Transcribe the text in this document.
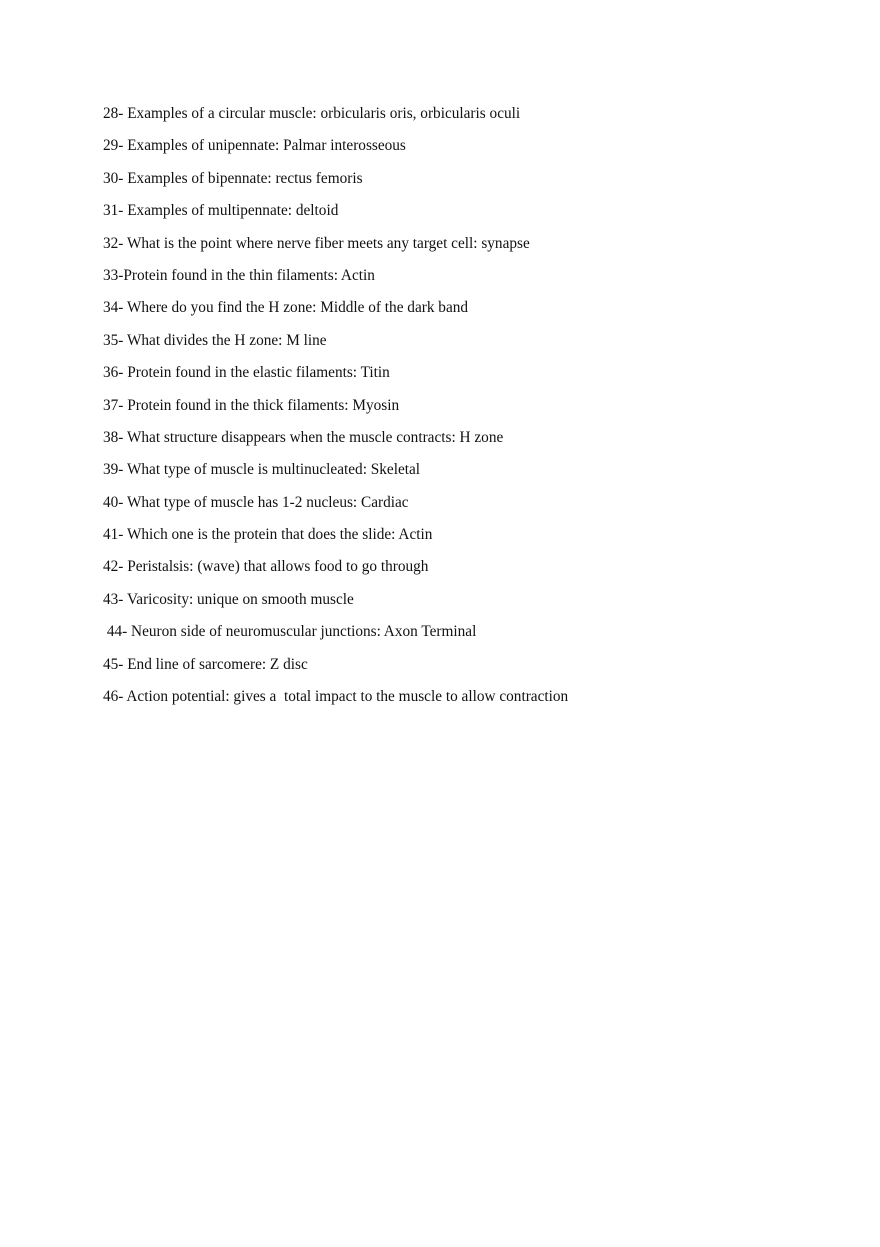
28- Examples of a circular muscle: orbicularis oris, orbicularis oculi
29- Examples of unipennate: Palmar interosseous
30- Examples of bipennate: rectus femoris
31- Examples of multipennate: deltoid
32- What is the point where nerve fiber meets any target cell: synapse
33-Protein found in the thin filaments: Actin
34- Where do you find the H zone: Middle of the dark band
35- What divides the H zone: M line
36- Protein found in the elastic filaments: Titin
37- Protein found in the thick filaments: Myosin
38- What structure disappears when the muscle contracts: H zone
39- What type of muscle is multinucleated: Skeletal
40- What type of muscle has 1-2 nucleus: Cardiac
41- Which one is the protein that does the slide: Actin
42- Peristalsis: (wave) that allows food to go through
43- Varicosity: unique on smooth muscle
44- Neuron side of neuromuscular junctions: Axon Terminal
45- End line of sarcomere: Z disc
46- Action potential: gives a  total impact to the muscle to allow contraction
